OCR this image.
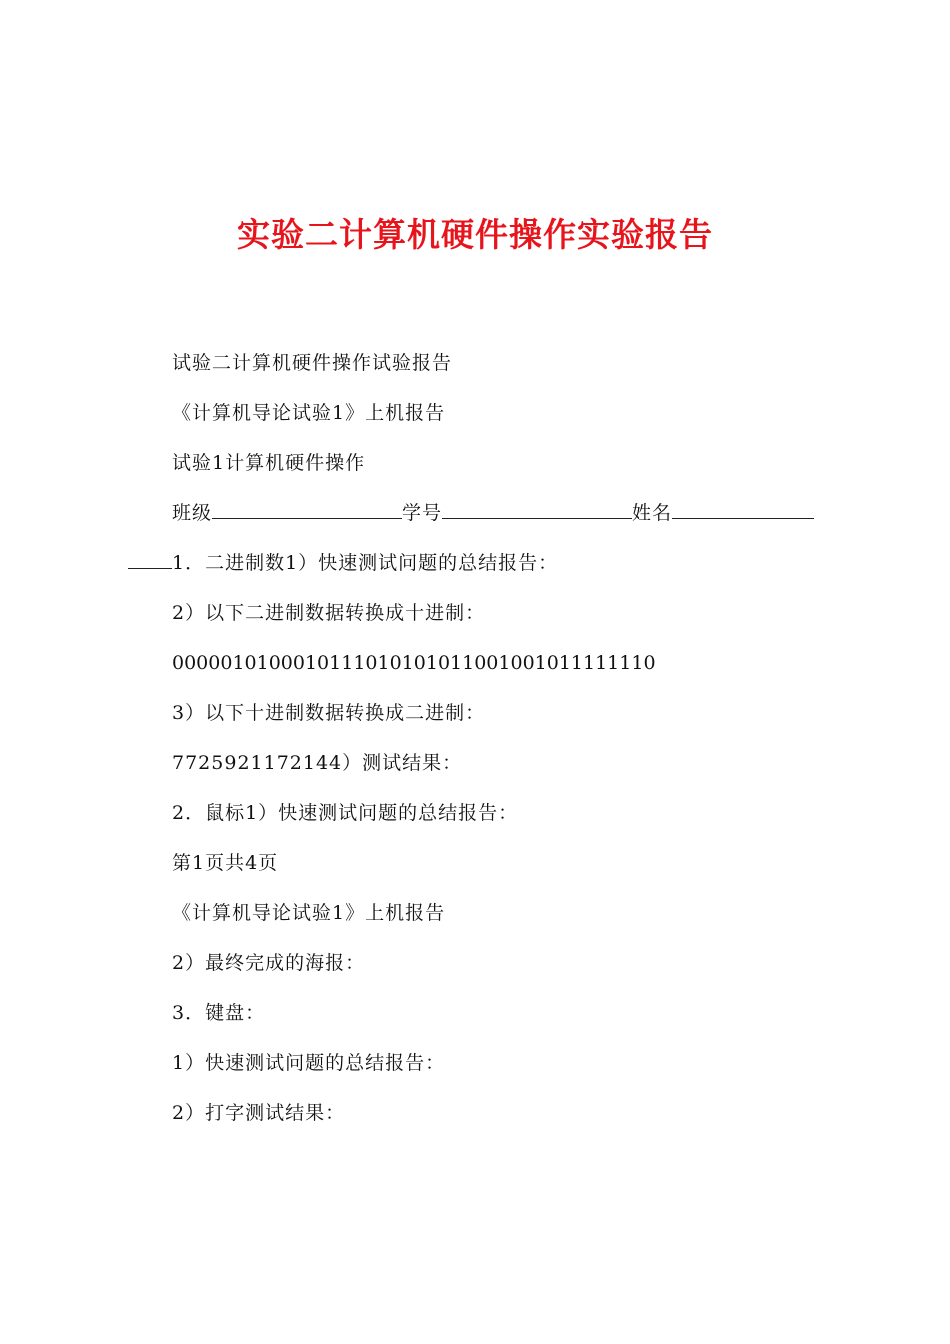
实验二计算机硬件操作实验报告
试验二计算机硬件操作试验报告
《计算机导论试验1》上机报告
试验1计算机硬件操作
班级	学号	姓名
1．二进制数1）快速测试问题的总结报告：
2）以下二进制数据转换成十进制：
0000010100010111010101011001001011111110
3）以下十进制数据转换成二进制：
7725921172144）测试结果：
2．鼠标1）快速测试问题的总结报告：
第1页共4页
《计算机导论试验1》上机报告
2）最终完成的海报：
3．键盘：
1）快速测试问题的总结报告：
2）打字测试结果：
